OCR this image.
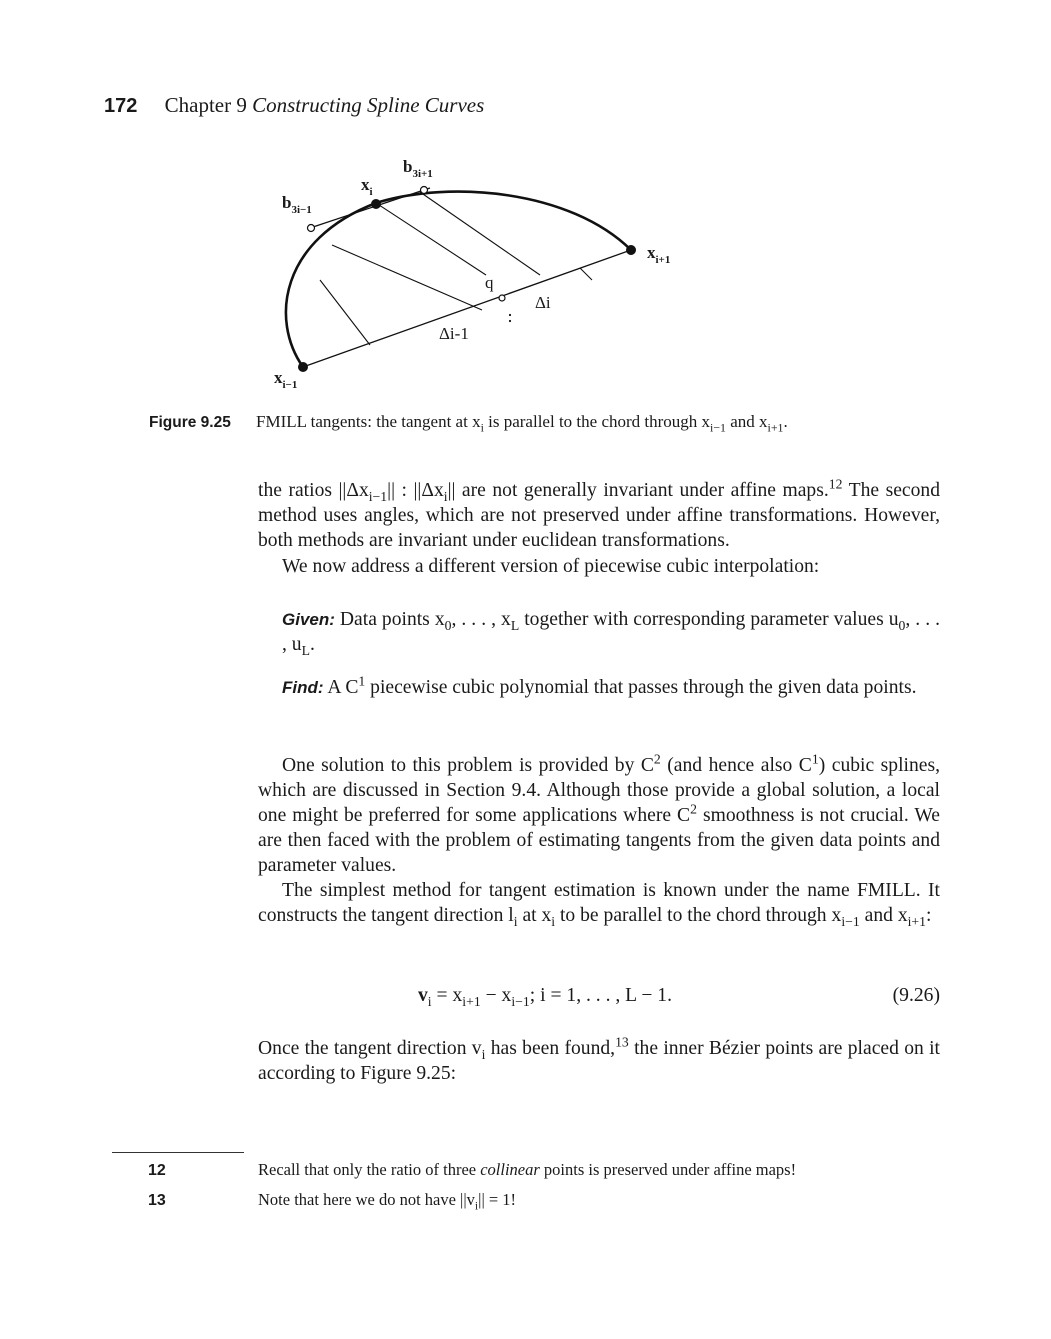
172 Chapter 9 Constructing Spline Curves
$b_{3i-1}$
$b_{3i+1}$
$x_i$
$x_{i+1}$
$x_{i-1}$
q
Δi
Δi-1
Figure 9.25 FMILL tangents: the tangent at $x_i$ is parallel to the chord through $x_{i-1}$ and $x_{i+1}$.
the ratios $||\Delta x_{i-1}||$ : $||\Delta x_i||$ are not generally invariant under affine maps.$^{12}$ The second method uses angles, which are not preserved under affine transformations. However, both methods are invariant under euclidean transformations.
We now address a different version of piecewise cubic interpolation:
Given: Data points $x_0$, . . . , $x_L$ together with corresponding parameter values $u_0$, . . . , $u_L$.
Find: A $C^1$ piecewise cubic polynomial that passes through the given data points.
One solution to this problem is provided by $C^2$ (and hence also $C^1$) cubic splines, which are discussed in Section 9.4. Although those provide a global solution, a local one might be preferred for some applications where $C^2$ smoothness is not crucial. We are then faced with the problem of estimating tangents from the given data points and parameter values.
The simplest method for tangent estimation is known under the name FMILL. It constructs the tangent direction $l_i$ at $x_i$ to be parallel to the chord through $x_{i-1}$ and $x_{i+1}$:
Once the tangent direction $v_i$ has been found,$^{13}$ the inner Bézier points are placed on it according to Figure 9.25:
$v_i = x_{i+1} - x_{i-1}$; i = 1, . . . , L − 1.	(9.26)
12	Recall that only the ratio of three collinear points is preserved under affine maps!
13	Note that here we do not have $||v_i|| = 1$!
